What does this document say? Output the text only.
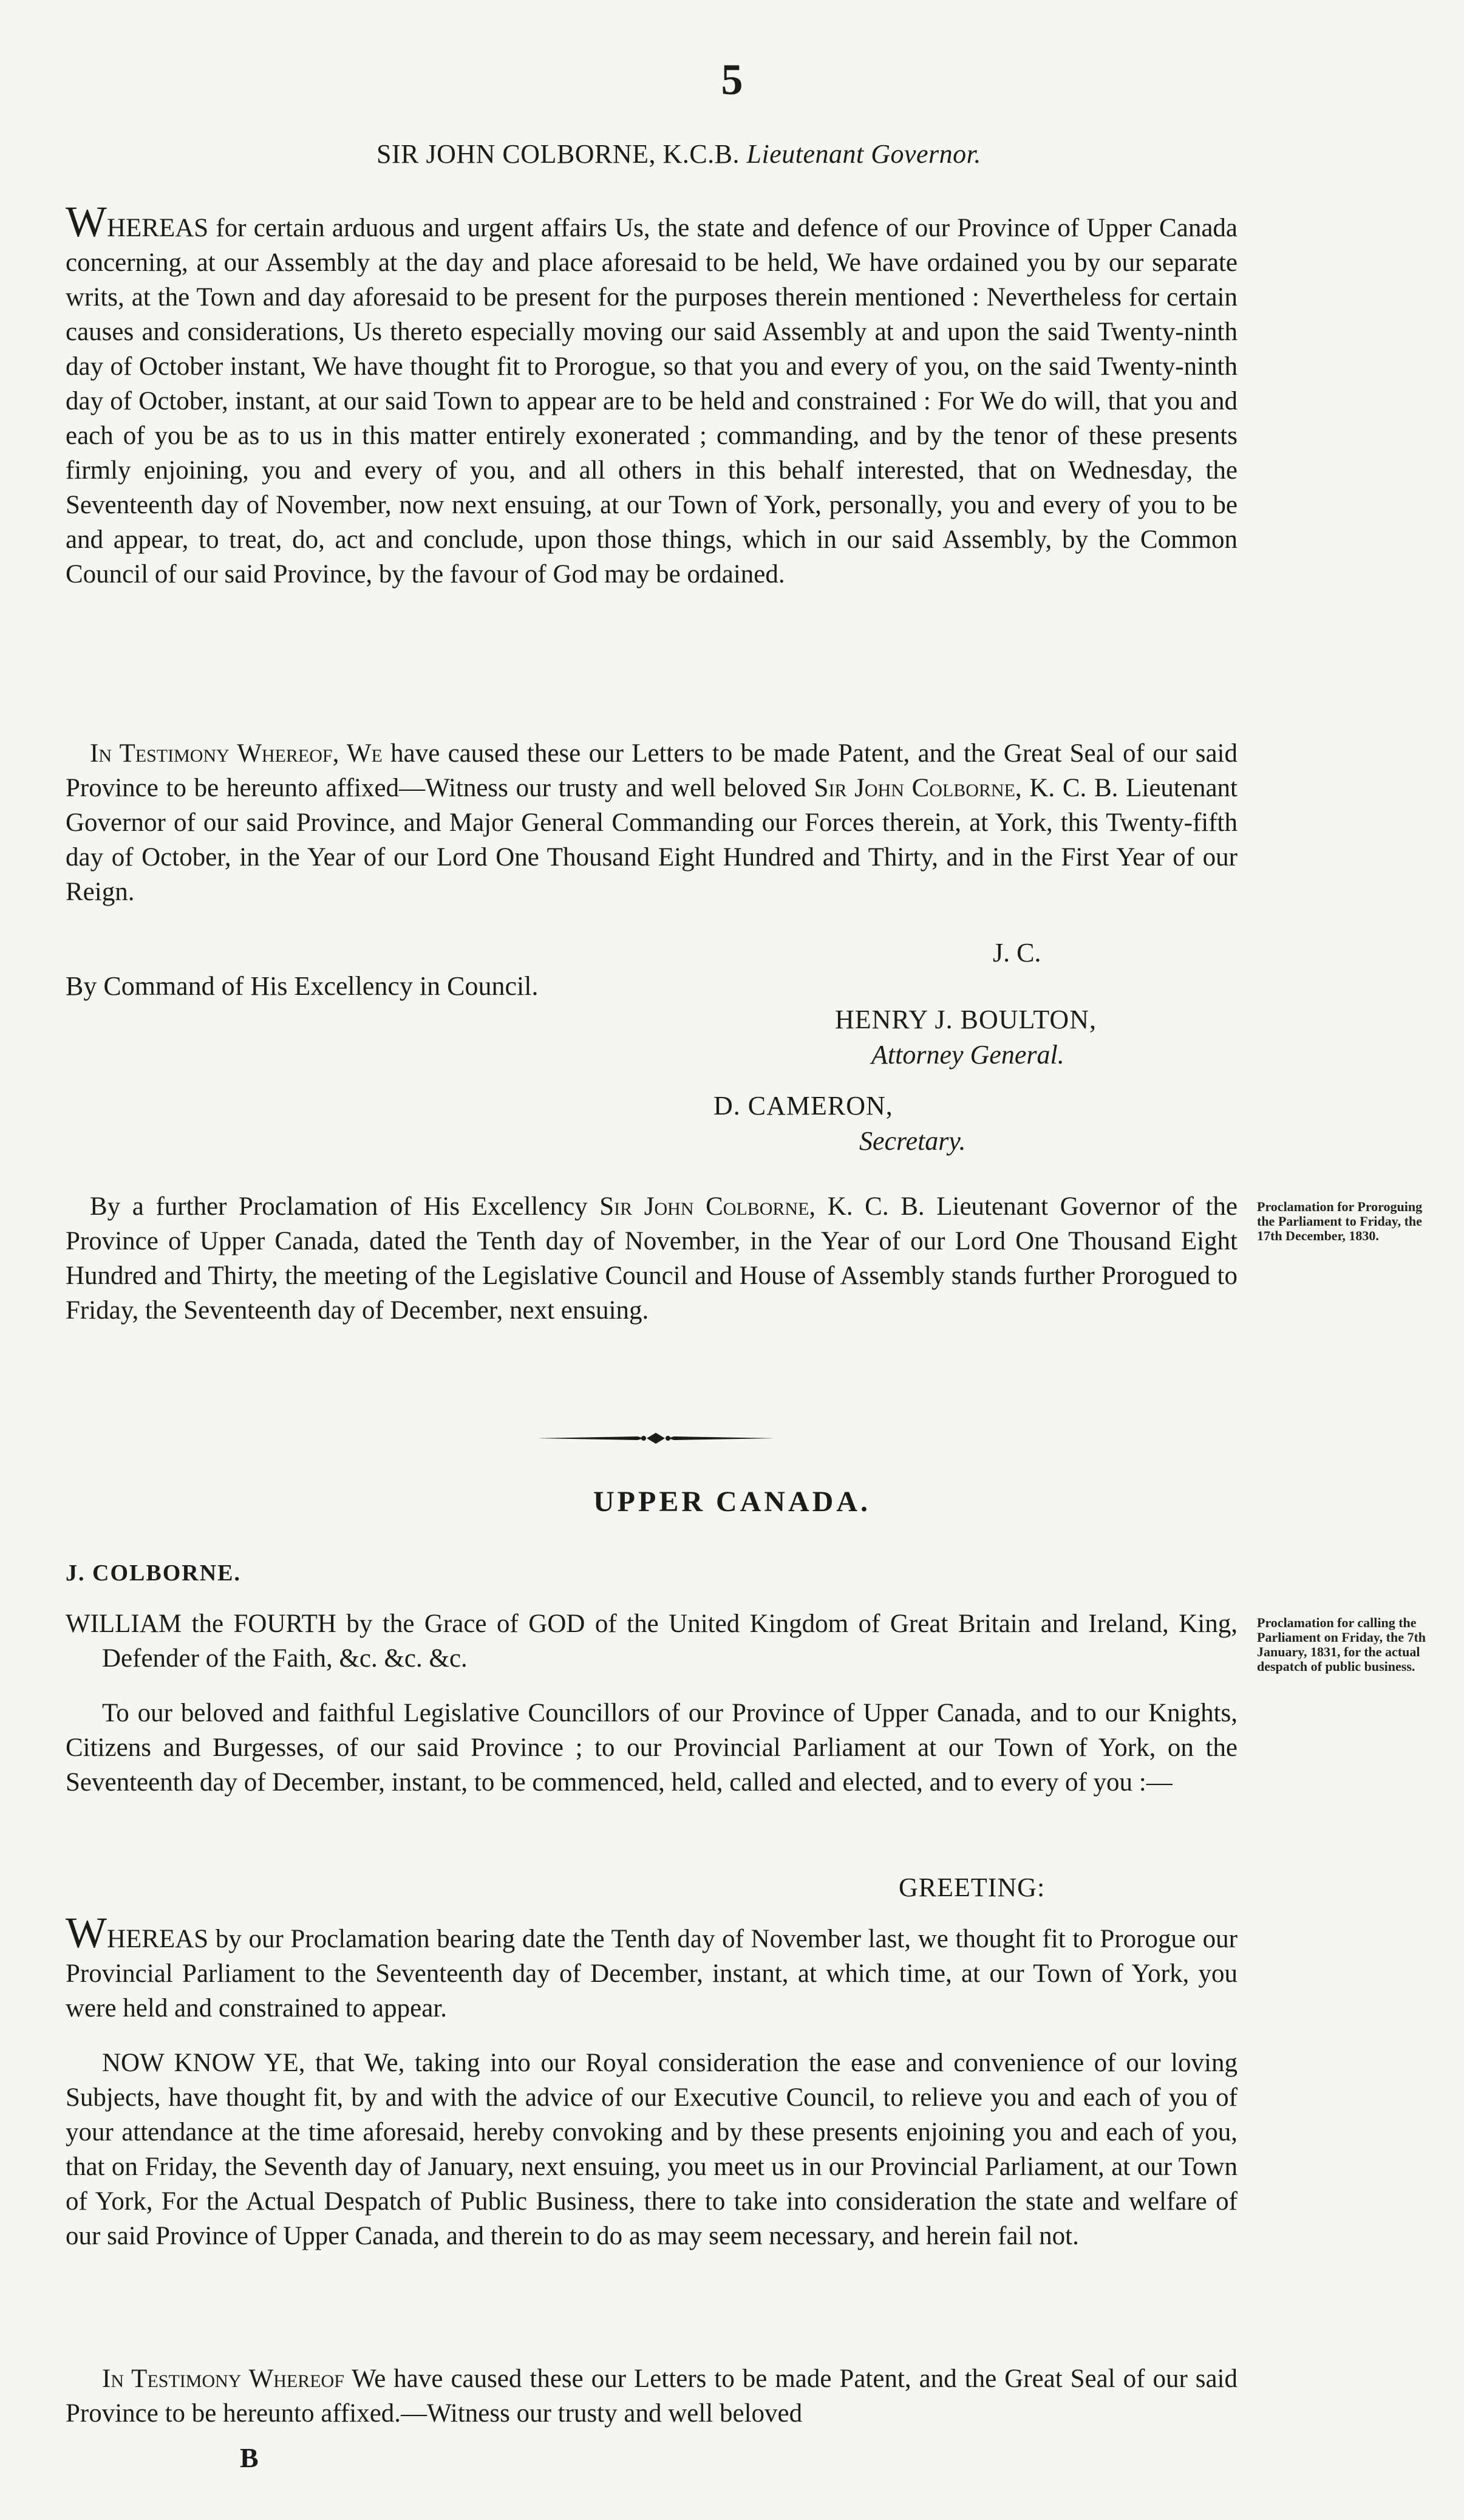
5
SIR JOHN COLBORNE, K.C.B. Lieutenant Governor.
WHEREAS for certain arduous and urgent affairs Us, the state and defence of our Province of Upper Canada concerning, at our Assembly at the day and place aforesaid to be held, We have ordained you by our separate writs, at the Town and day aforesaid to be present for the purposes therein mentioned : Nevertheless for certain causes and considerations, Us thereto especially moving our said Assembly at and upon the said Twenty-ninth day of October instant, We have thought fit to Prorogue, so that you and every of you, on the said Twenty-ninth day of October, instant, at our said Town to appear are to be held and constrained : For We do will, that you and each of you be as to us in this matter entirely exonerated ; commanding, and by the tenor of these presents firmly enjoining, you and every of you, and all others in this behalf interested, that on Wednesday, the Seventeenth day of November, now next ensuing, at our Town of York, personally, you and every of you to be and appear, to treat, do, act and conclude, upon those things, which in our said Assembly, by the Common Council of our said Province, by the favour of God may be ordained.
In Testimony Whereof, We have caused these our Letters to be made Patent, and the Great Seal of our said Province to be hereunto affixed—Witness our trusty and well beloved Sir John Colborne, K. C. B. Lieutenant Governor of our said Province, and Major General Commanding our Forces therein, at York, this Twenty-fifth day of October, in the Year of our Lord One Thousand Eight Hundred and Thirty, and in the First Year of our Reign.
J. C.
By Command of His Excellency in Council.
HENRY J. BOULTON,
Attorney General.
D. CAMERON,
Secretary.
By a further Proclamation of His Excellency Sir John Colborne, K. C. B. Lieutenant Governor of the Province of Upper Canada, dated the Tenth day of November, in the Year of our Lord One Thousand Eight Hundred and Thirty, the meeting of the Legislative Council and House of Assembly stands further Prorogued to Friday, the Seventeenth day of December, next ensuing.
Proclamation for Proroguing the Parliament to Friday, the 17th December, 1830.
UPPER CANADA.
J. COLBORNE.
WILLIAM the FOURTH by the Grace of GOD of the United Kingdom of Great Britain and Ireland, King, Defender of the Faith, &c. &c. &c.
Proclamation for calling the Parliament on Friday, the 7th January, 1831, for the actual despatch of public business.
To our beloved and faithful Legislative Councillors of our Province of Upper Canada, and to our Knights, Citizens and Burgesses, of our said Province ; to our Provincial Parliament at our Town of York, on the Seventeenth day of December, instant, to be commenced, held, called and elected, and to every of you :—
GREETING:
WHEREAS by our Proclamation bearing date the Tenth day of November last, we thought fit to Prorogue our Provincial Parliament to the Seventeenth day of December, instant, at which time, at our Town of York, you were held and constrained to appear.
NOW KNOW YE, that We, taking into our Royal consideration the ease and convenience of our loving Subjects, have thought fit, by and with the advice of our Executive Council, to relieve you and each of you of your attendance at the time aforesaid, hereby convoking and by these presents enjoining you and each of you, that on Friday, the Seventh day of January, next ensuing, you meet us in our Provincial Parliament, at our Town of York, For the Actual Despatch of Public Business, there to take into consideration the state and welfare of our said Province of Upper Canada, and therein to do as may seem necessary, and herein fail not.
In Testimony Whereof We have caused these our Letters to be made Patent, and the Great Seal of our said Province to be hereunto affixed.—Witness our trusty and well beloved
B
